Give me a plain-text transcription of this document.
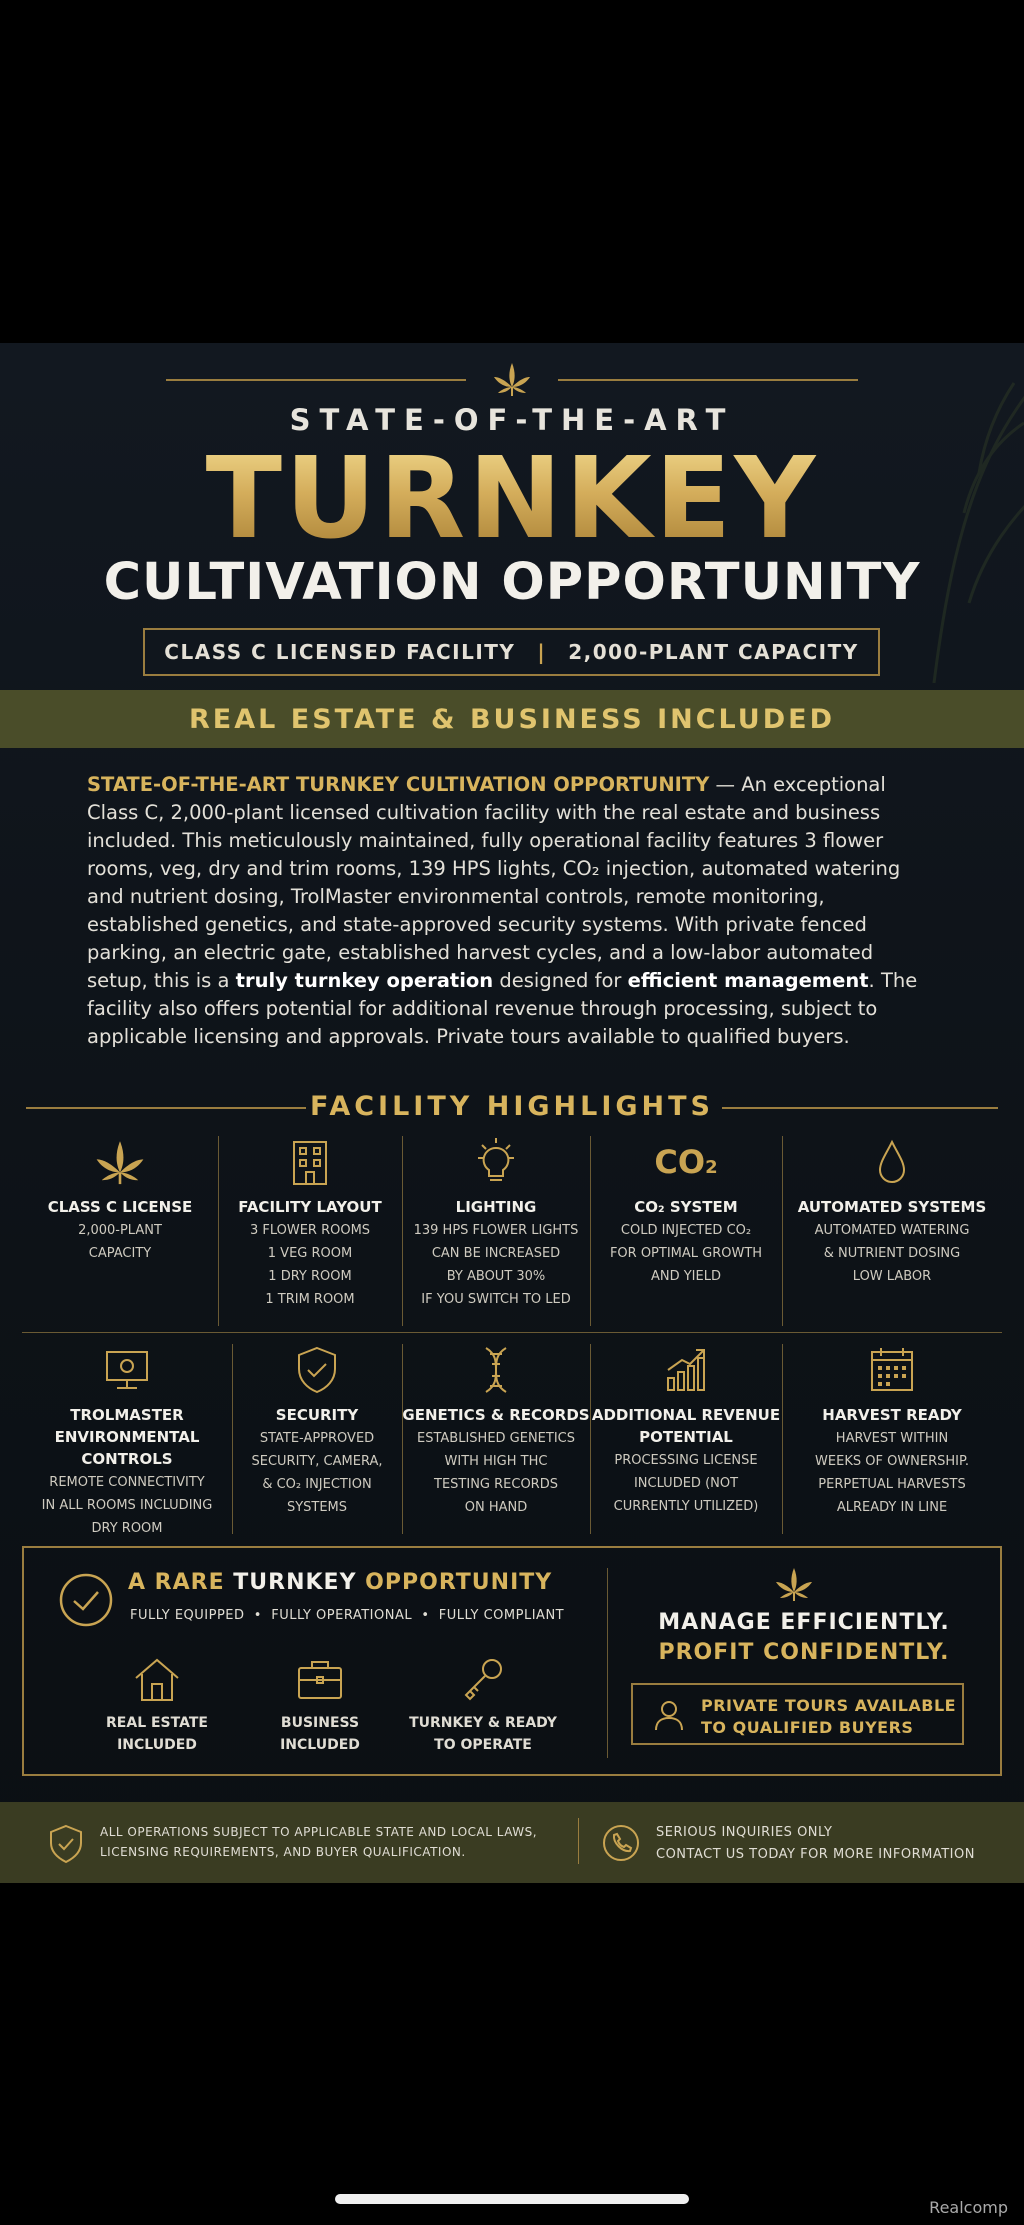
STATE-OF-THE-ART
TURNKEY
CULTIVATION OPPORTUNITY
CLASS C LICENSED FACILITY | 2,000-PLANT CAPACITY
REAL ESTATE & BUSINESS INCLUDED
STATE-OF-THE-ART TURNKEY CULTIVATION OPPORTUNITY — An exceptional Class C, 2,000-plant licensed cultivation facility with the real estate and business included. This meticulously maintained, fully operational facility features 3 flower rooms, veg, dry and trim rooms, 139 HPS lights, CO₂ injection, automated watering and nutrient dosing, TrolMaster environmental controls, remote monitoring, established genetics, and state-approved security systems. With private fenced parking, an electric gate, established harvest cycles, and a low-labor automated setup, this is a truly turnkey operation designed for efficient management. The facility also offers potential for additional revenue through processing, subject to applicable licensing and approvals. Private tours available to qualified buyers.
FACILITY HIGHLIGHTS
CLASS C LICENSE
2,000-PLANT
CAPACITY
FACILITY LAYOUT
3 FLOWER ROOMS
1 VEG ROOM
1 DRY ROOM
1 TRIM ROOM
LIGHTING
139 HPS FLOWER LIGHTS
CAN BE INCREASED
BY ABOUT 30%
IF YOU SWITCH TO LED
CO2
CO₂ SYSTEM
COLD INJECTED CO₂
FOR OPTIMAL GROWTH
AND YIELD
AUTOMATED SYSTEMS
AUTOMATED WATERING
& NUTRIENT DOSING
LOW LABOR
TROLMASTER
ENVIRONMENTAL CONTROLS
REMOTE CONNECTIVITY
IN ALL ROOMS INCLUDING
DRY ROOM
SECURITY
STATE-APPROVED
SECURITY, CAMERA,
& CO₂ INJECTION
SYSTEMS
GENETICS & RECORDS
ESTABLISHED GENETICS
WITH HIGH THC
TESTING RECORDS
ON HAND
ADDITIONAL REVENUE
POTENTIAL
PROCESSING LICENSE
INCLUDED (NOT
CURRENTLY UTILIZED)
HARVEST READY
HARVEST WITHIN
WEEKS OF OWNERSHIP.
PERPETUAL HARVESTS
ALREADY IN LINE
A RARE TURNKEY OPPORTUNITY
FULLY EQUIPPED  •  FULLY OPERATIONAL  •  FULLY COMPLIANT
REAL ESTATE
INCLUDED
BUSINESS
INCLUDED
TURNKEY & READY
TO OPERATE
MANAGE EFFICIENTLY.
PROFIT CONFIDENTLY.
PRIVATE TOURS AVAILABLE
TO QUALIFIED BUYERS
ALL OPERATIONS SUBJECT TO APPLICABLE STATE AND LOCAL LAWS,
LICENSING REQUIREMENTS, AND BUYER QUALIFICATION.
SERIOUS INQUIRIES ONLY
CONTACT US TODAY FOR MORE INFORMATION
Realcomp
